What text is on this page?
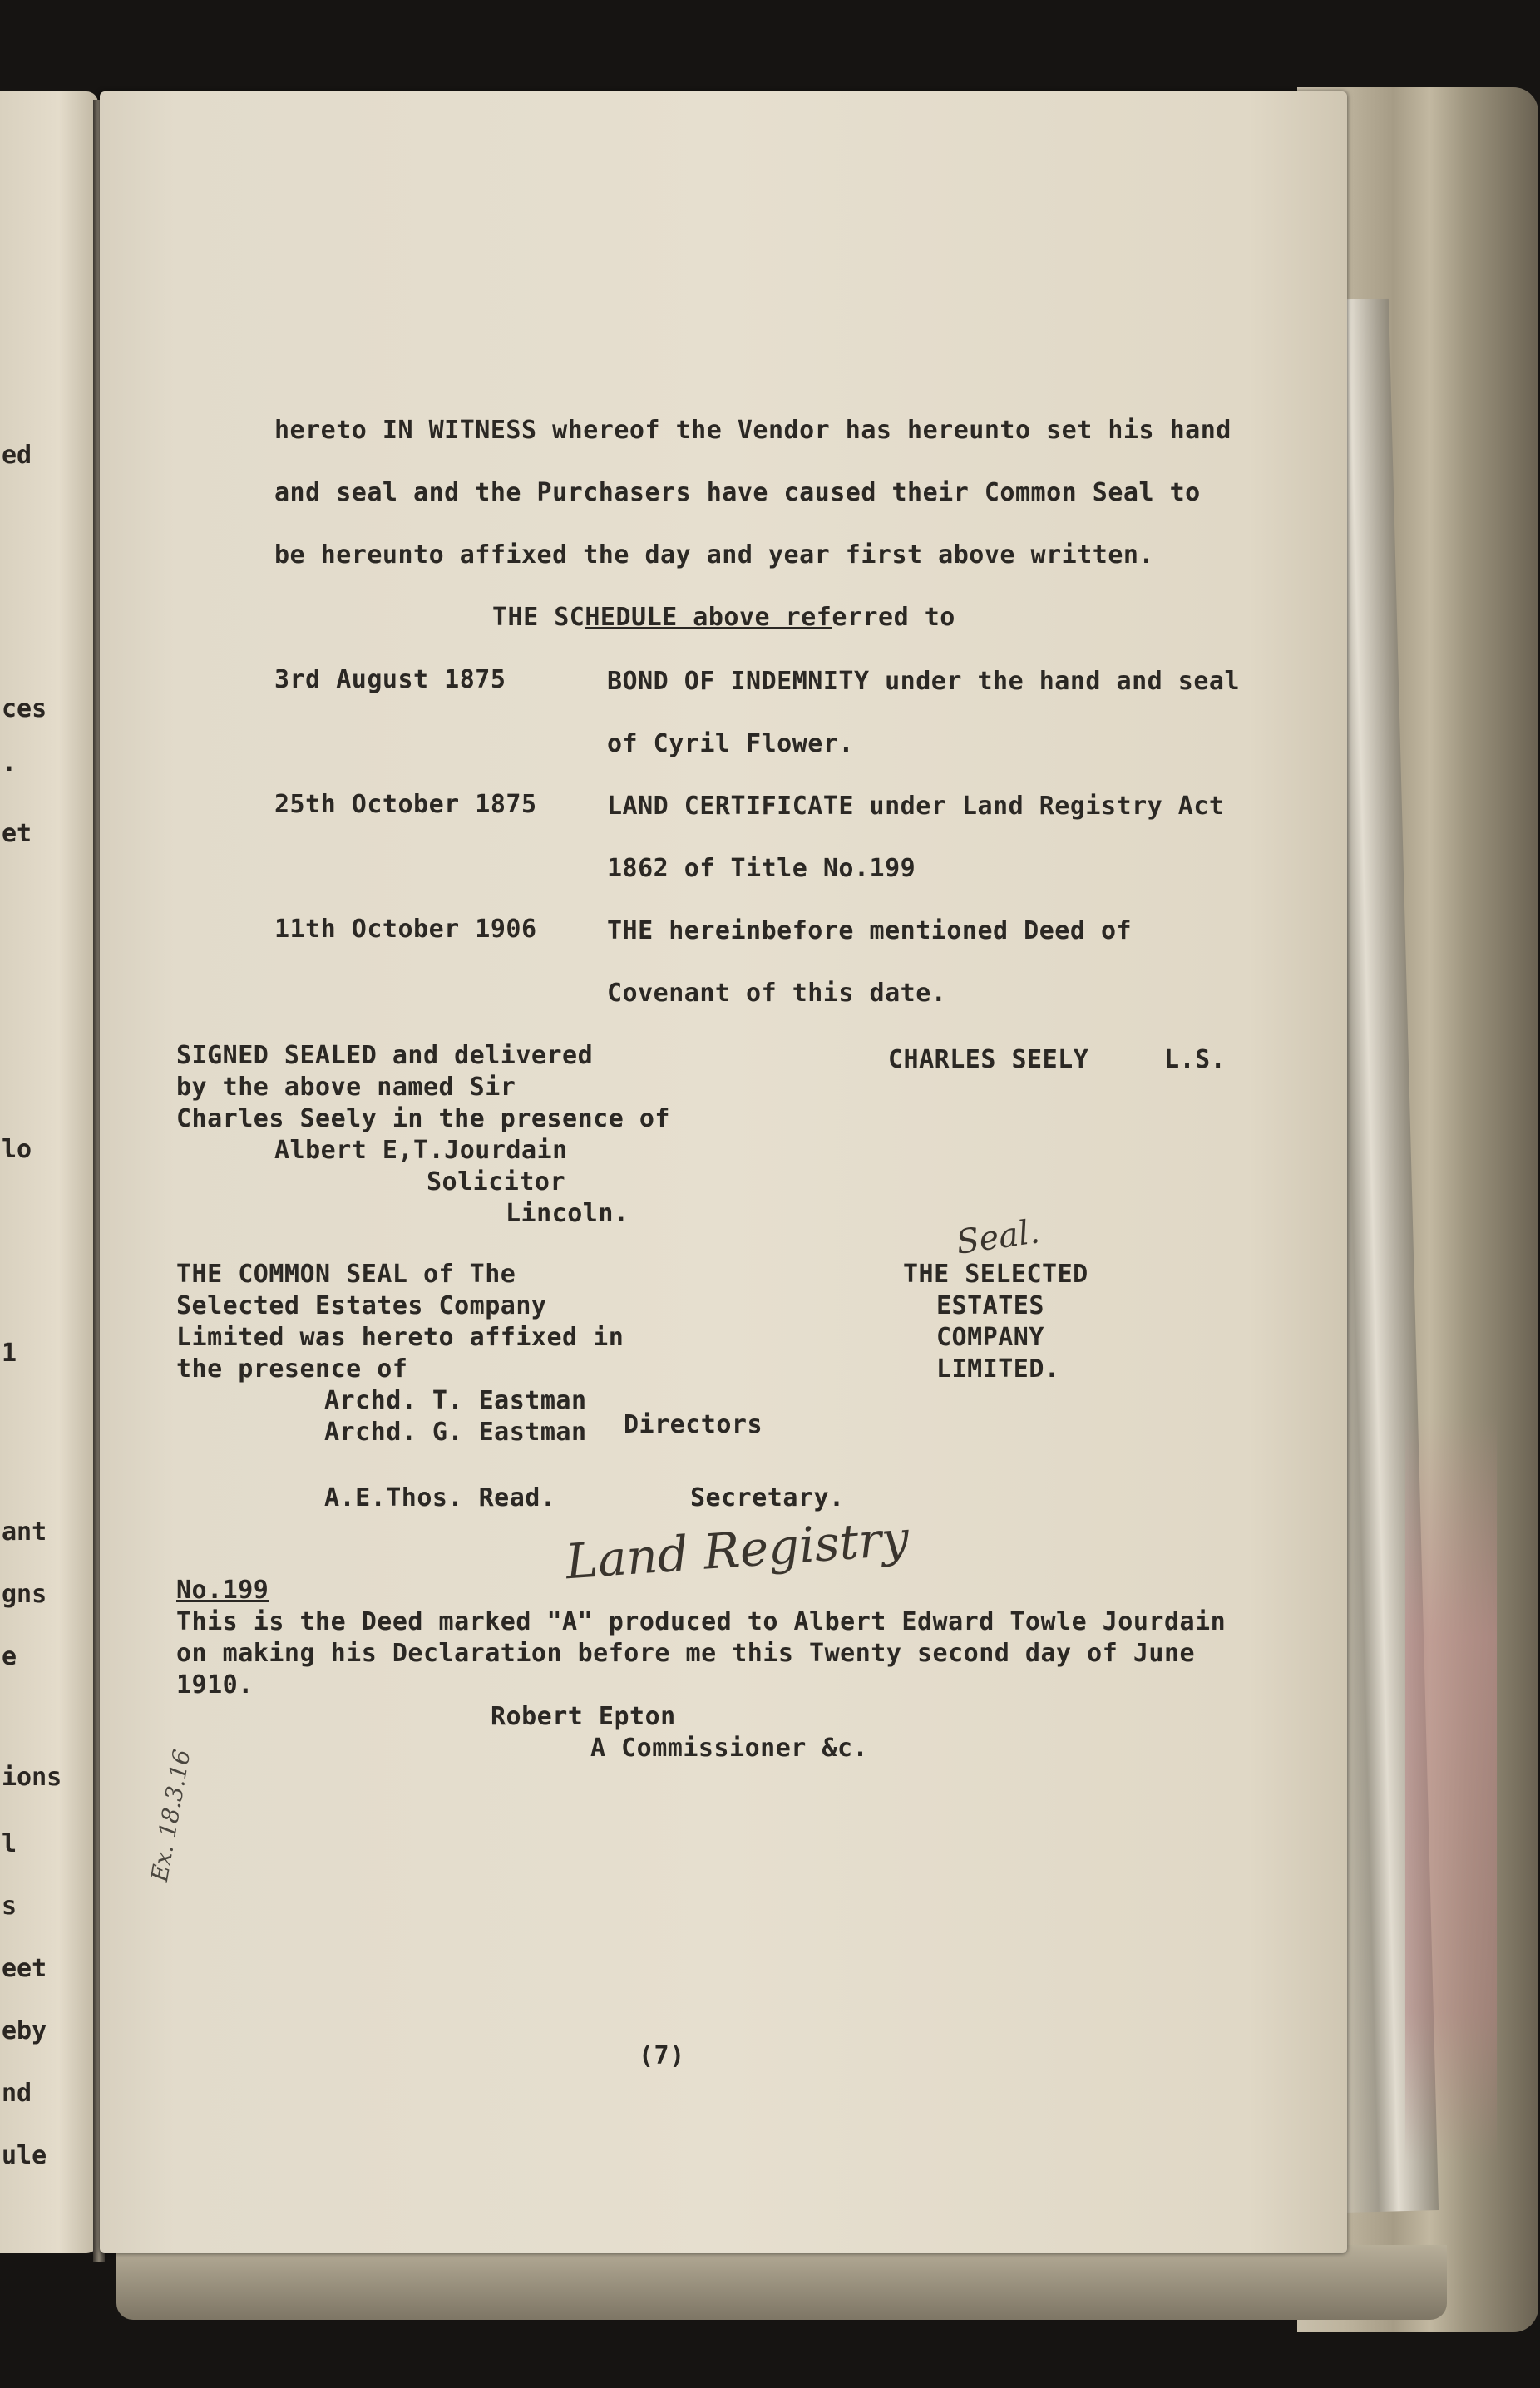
ed
ces
.
et
lo
1
ant
gns
e
ions
l
s
eet
eby
nd
ule
hereto IN WITNESS whereof the Vendor has hereunto set his hand
and seal and the Purchasers have caused their Common Seal to
be hereunto affixed the day and year first above written.
THE SCHEDULE above referred to
3rd August 1875	BOND OF INDEMNITY under the hand and seal
of Cyril Flower.
25th October 1875	LAND CERTIFICATE under Land Registry Act
1862 of Title No.199
11th October 1906	THE hereinbefore mentioned Deed of
Covenant of this date.
SIGNED SEALED and delivered
by the above named Sir
Charles Seely in the presence of
Albert E,T.Jourdain
Solicitor
Lincoln.
CHARLES SEELY	L.S.
Seal.
THE COMMON SEAL of The
Selected Estates Company
Limited was hereto affixed in
the presence of
Archd. T. Eastman
Archd. G. Eastman Directors
THE SELECTED
ESTATES
COMPANY
LIMITED.
A.E.Thos. Read.	Secretary.
Land Registry
No.199
This is the Deed marked "A" produced to Albert Edward Towle Jourdain
on making his Declaration before me this Twenty second day of June
1910.
Robert Epton
A Commissioner &c.
Ex. 18.3.16
(7)
